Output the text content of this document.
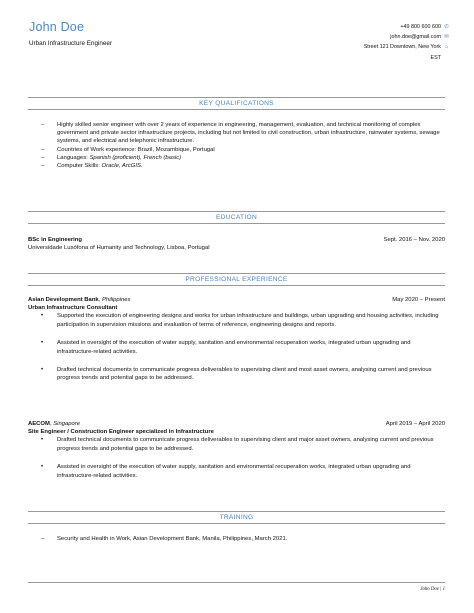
John Doe
Urban Infrastructure Engineer
+49 800 600 600
john.doe@gmail.com
Street 121 Downtown, New York
EST
✆
✉
⌂
KEY QUALIFICATIONS
– Highly skilled senior engineer with over 2 years of experience in engineering, management, evaluation, and technical monitoring of complex government and private sector infrastructure projects, including but not limited to civil construction, urban infrastructure, rainwater systems, sewage systems, and electrical and telephonic infrastructure.
– Countries of Work experience: Brazil, Mozambique, Portugal
– Languages: Spanish (proficient), French (basic)
– Computer Skills: Oracle, ArcGIS.
EDUCATION
BSc in Engineering	Sept. 2016 – Nov. 2020
Universidade Lusófona of Humanity and Technology, Lisboa, Portugal
PROFESSIONAL EXPERIENCE
Asian Development Bank, Philippines	May 2020 – Present
Urban Infrastructure Consultant
• Supported the execution of engineering designs and works for urban infrastructure and buildings, urban upgrading and housing activities, including participation in supervision missions and evaluation of terms of reference, engineering designs and reports.
• Assisted in oversight of the execution of water supply, sanitation and environmental recuperation works, integrated urban upgrading and infrastructure-related activities.
• Drafted technical documents to communicate progress deliverables to supervising client and most asset owners, analysing current and previous progress trends and potential gaps to be addressed.
AECOM, Singapore	April 2019 – April 2020
Site Engineer / Construction Engineer specialized in Infrastructure
• Drafted technical documents to communicate progress deliverables to supervising client and major asset owners, analysing current and previous progress trends and potential gaps to be addressed.
• Assisted in oversight of the execution of water supply, sanitation and environmental recuperation works, integrated urban upgrading and infrastructure-related activities.
TRAINING
– Security and Health in Work, Asian Development Bank, Manila, Philippines, March 2021.
John Doe | 1
